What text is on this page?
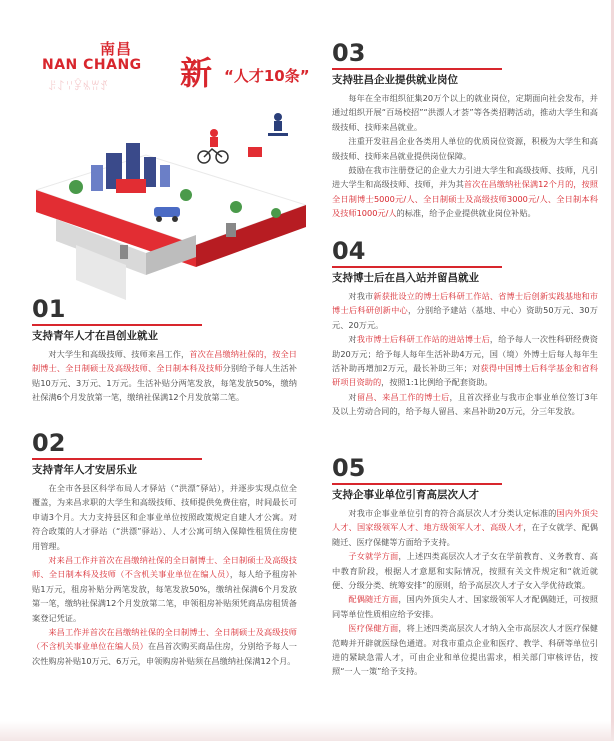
南昌
NAN CHANG 新 “人才10条”
ꌠꋍꈌꐮꁱꀕꀋ
01
支持青年人才在昌创业就业

对大学生和高级技师、技师来昌工作，首次在昌缴纳社保的，按全日制博士、全日制硕士及高级技师、全日制本科及技师分别给予每人生活补贴10万元、3万元、1万元。生活补贴分两笔发放，每笔发放50%，缴纳社保满6个月发放第一笔，缴纳社保满12个月发放第二笔。

02
支持青年人才安居乐业

在全市各县区科学布局人才驿站（“洪漂”驿站），并逐步实现点位全覆盖，为来昌求职的大学生和高级技师、技师提供免费住宿，时间最长可申请3个月。大力支持县区和企事业单位按照政策规定自建人才公寓。对符合政策的人才驿站（“洪漂”驿站）、人才公寓可纳入保障性租赁住房使用管理。

对来昌工作并首次在昌缴纳社保的全日制博士、全日制硕士及高级技师、全日制本科及技师（不含机关事业单位在编人员），每人给予租房补贴1万元，租房补贴分两笔发放，每笔发放50%，缴纳社保满6个月发放第一笔，缴纳社保满12个月发放第二笔，申领租房补贴须凭商品房租赁备案登记凭证。

来昌工作并首次在昌缴纳社保的全日制博士、全日制硕士及高级技师（不含机关事业单位在编人员）在昌首次购买商品住房，分别给予每人一次性购房补贴10万元、6万元，申领购房补贴须在昌缴纳社保满12个月。

03
支持驻昌企业提供就业岗位

每年在全市组织征集20万个以上的就业岗位，定期面向社会发布，并通过组织开展“百场校招”“洪漂人才荟”等各类招聘活动，推动大学生和高级技师、技师来昌就业。

注重开发驻昌企业各类用人单位的优质岗位资源，积极为大学生和高级技师、技师来昌就业提供岗位保障。

鼓励在我市注册登记的企业大力引进大学生和高级技师、技师，凡引进大学生和高级技师、技师，并为其首次在昌缴纳社保满12个月的，按照全日制博士5000元/人、全日制硕士及高级技师3000元/人、全日制本科及技师1000元/人的标准，给予企业提供就业岗位补贴。

04
支持博士后在昌入站并留昌就业

对我市新获批设立的博士后科研工作站、省博士后创新实践基地和市博士后科研创新中心，分别给予建站（基地、中心）资助50万元、30万元、20万元。

对我市博士后科研工作站的进站博士后，给予每人一次性科研经费资助20万元；给予每人每年生活补助4万元，国（境）外博士后每人每年生活补助再增加2万元，最长补助三年；对获得中国博士后科学基金和省科研项目资助的，按照1:1比例给予配套资助。

对留昌、来昌工作的博士后，且首次择业与我市企事业单位签订3年及以上劳动合同的，给予每人留昌、来昌补助20万元，分三年发放。

05
支持企事业单位引育高层次人才

对我市企事业单位引育的符合高层次人才分类认定标准的国内外顶尖人才、国家级领军人才、地方级领军人才、高级人才，在子女就学、配偶随迁、医疗保健等方面给予支持。

子女就学方面，上述四类高层次人才子女在学前教育、义务教育、高中教育阶段，根据人才意愿和实际情况，按照有关文件规定和“就近就便、分级分类、统筹安排”的原则，给予高层次人才子女入学优待政策。

配偶随迁方面，国内外顶尖人才、国家级领军人才配偶随迁，可按照同等单位性质相应给予安排。

医疗保健方面，将上述四类高层次人才纳入全市高层次人才医疗保健范畴并开辟就医绿色通道。对我市重点企业和医疗、教学、科研等单位引进的紧缺急需人才，可由企业和单位提出需求，相关部门审核评估，按照“一人一策”给予支持。
